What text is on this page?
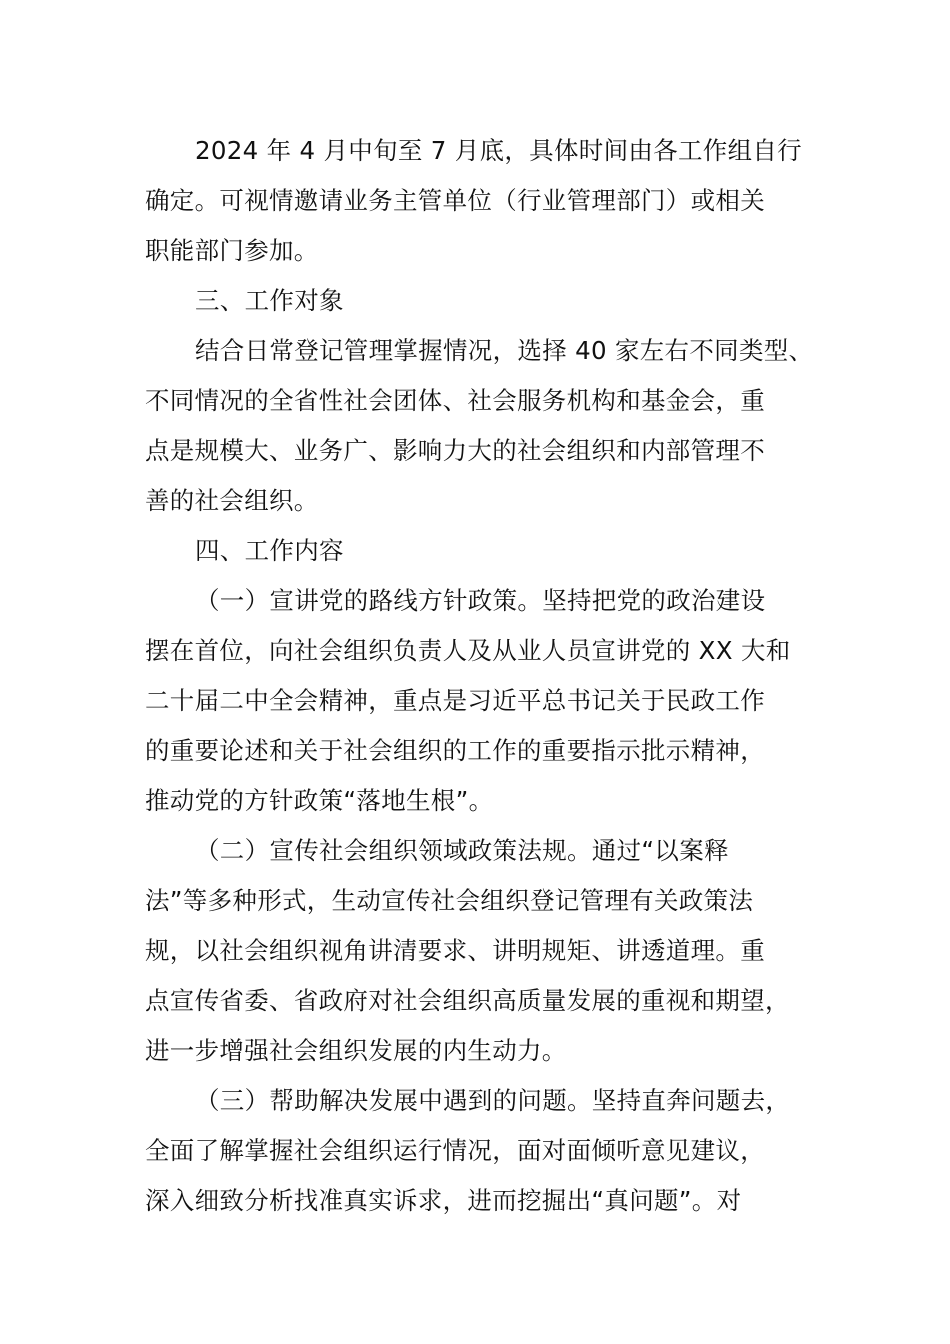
2024 年 4 月中旬至 7 月底，具体时间由各工作组自行
确定。可视情邀请业务主管单位（行业管理部门）或相关
职能部门参加。
三、工作对象
结合日常登记管理掌握情况，选择 40 家左右不同类型、
不同情况的全省性社会团体、社会服务机构和基金会，重
点是规模大、业务广、影响力大的社会组织和内部管理不
善的社会组织。
四、工作内容
（一）宣讲党的路线方针政策。坚持把党的政治建设
摆在首位，向社会组织负责人及从业人员宣讲党的 XX 大和
二十届二中全会精神，重点是习近平总书记关于民政工作
的重要论述和关于社会组织的工作的重要指示批示精神，
推动党的方针政策“落地生根”。
（二）宣传社会组织领域政策法规。通过“以案释
法”等多种形式，生动宣传社会组织登记管理有关政策法
规，以社会组织视角讲清要求、讲明规矩、讲透道理。重
点宣传省委、省政府对社会组织高质量发展的重视和期望，
进一步增强社会组织发展的内生动力。
（三）帮助解决发展中遇到的问题。坚持直奔问题去，
全面了解掌握社会组织运行情况，面对面倾听意见建议，
深入细致分析找准真实诉求，进而挖掘出“真问题”。对
